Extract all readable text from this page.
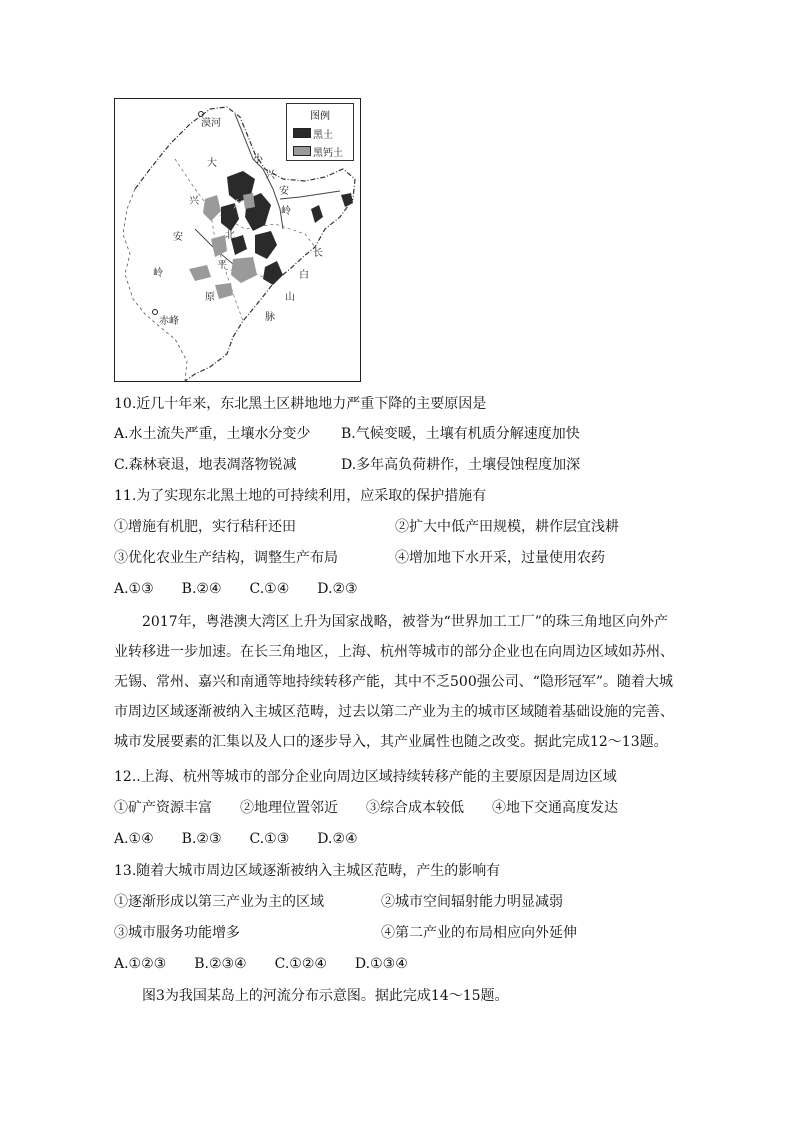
图例
黑土
黑钙土
漠河
赤峰
大
兴
安
岭
小
兴
安
岭
东
北
平
原
长
白
山
脉
10.近几十年来，东北黑土区耕地地力严重下降的主要原因是
A.水土流失严重，土壤水分变少 B.气候变暖，土壤有机质分解速度加快
C.森林衰退，地表凋落物锐减	D.多年高负荷耕作，土壤侵蚀程度加深
11.为了实现东北黑土地的可持续利用，应采取的保护措施有
①增施有机肥，实行秸秆还田	②扩大中低产田规模，耕作层宜浅耕
③优化农业生产结构，调整生产布局	④增加地下水开采，过量使用农药
A.①③　　B.②④　　C.①④　　D.②③

2017年，粤港澳大湾区上升为国家战略，被誉为“世界加工工厂”的珠三角地区向外产业转移进一步加速。在长三角地区，上海、杭州等城市的部分企业也在向周边区域如苏州、无锡、常州、嘉兴和南通等地持续转移产能，其中不乏500强公司、“隐形冠军”。随着大城市周边区域逐渐被纳入主城区范畴，过去以第二产业为主的城市区域随着基础设施的完善、城市发展要素的汇集以及人口的逐步导入，其产业属性也随之改变。据此完成12～13题。

12..上海、杭州等城市的部分企业向周边区域持续转移产能的主要原因是周边区域
①矿产资源丰富　　②地理位置邻近　　③综合成本较低　　④地下交通高度发达
A.①④　　B.②③　　C.①③　　D.②④
13.随着大城市周边区域逐渐被纳入主城区范畴，产生的影响有
①逐渐形成以第三产业为主的区域	②城市空间辐射能力明显减弱
③城市服务功能增多	④第二产业的布局相应向外延伸
A.①②③　　B.②③④　　C.①②④　　D.①③④
图3为我国某岛上的河流分布示意图。据此完成14～15题。
